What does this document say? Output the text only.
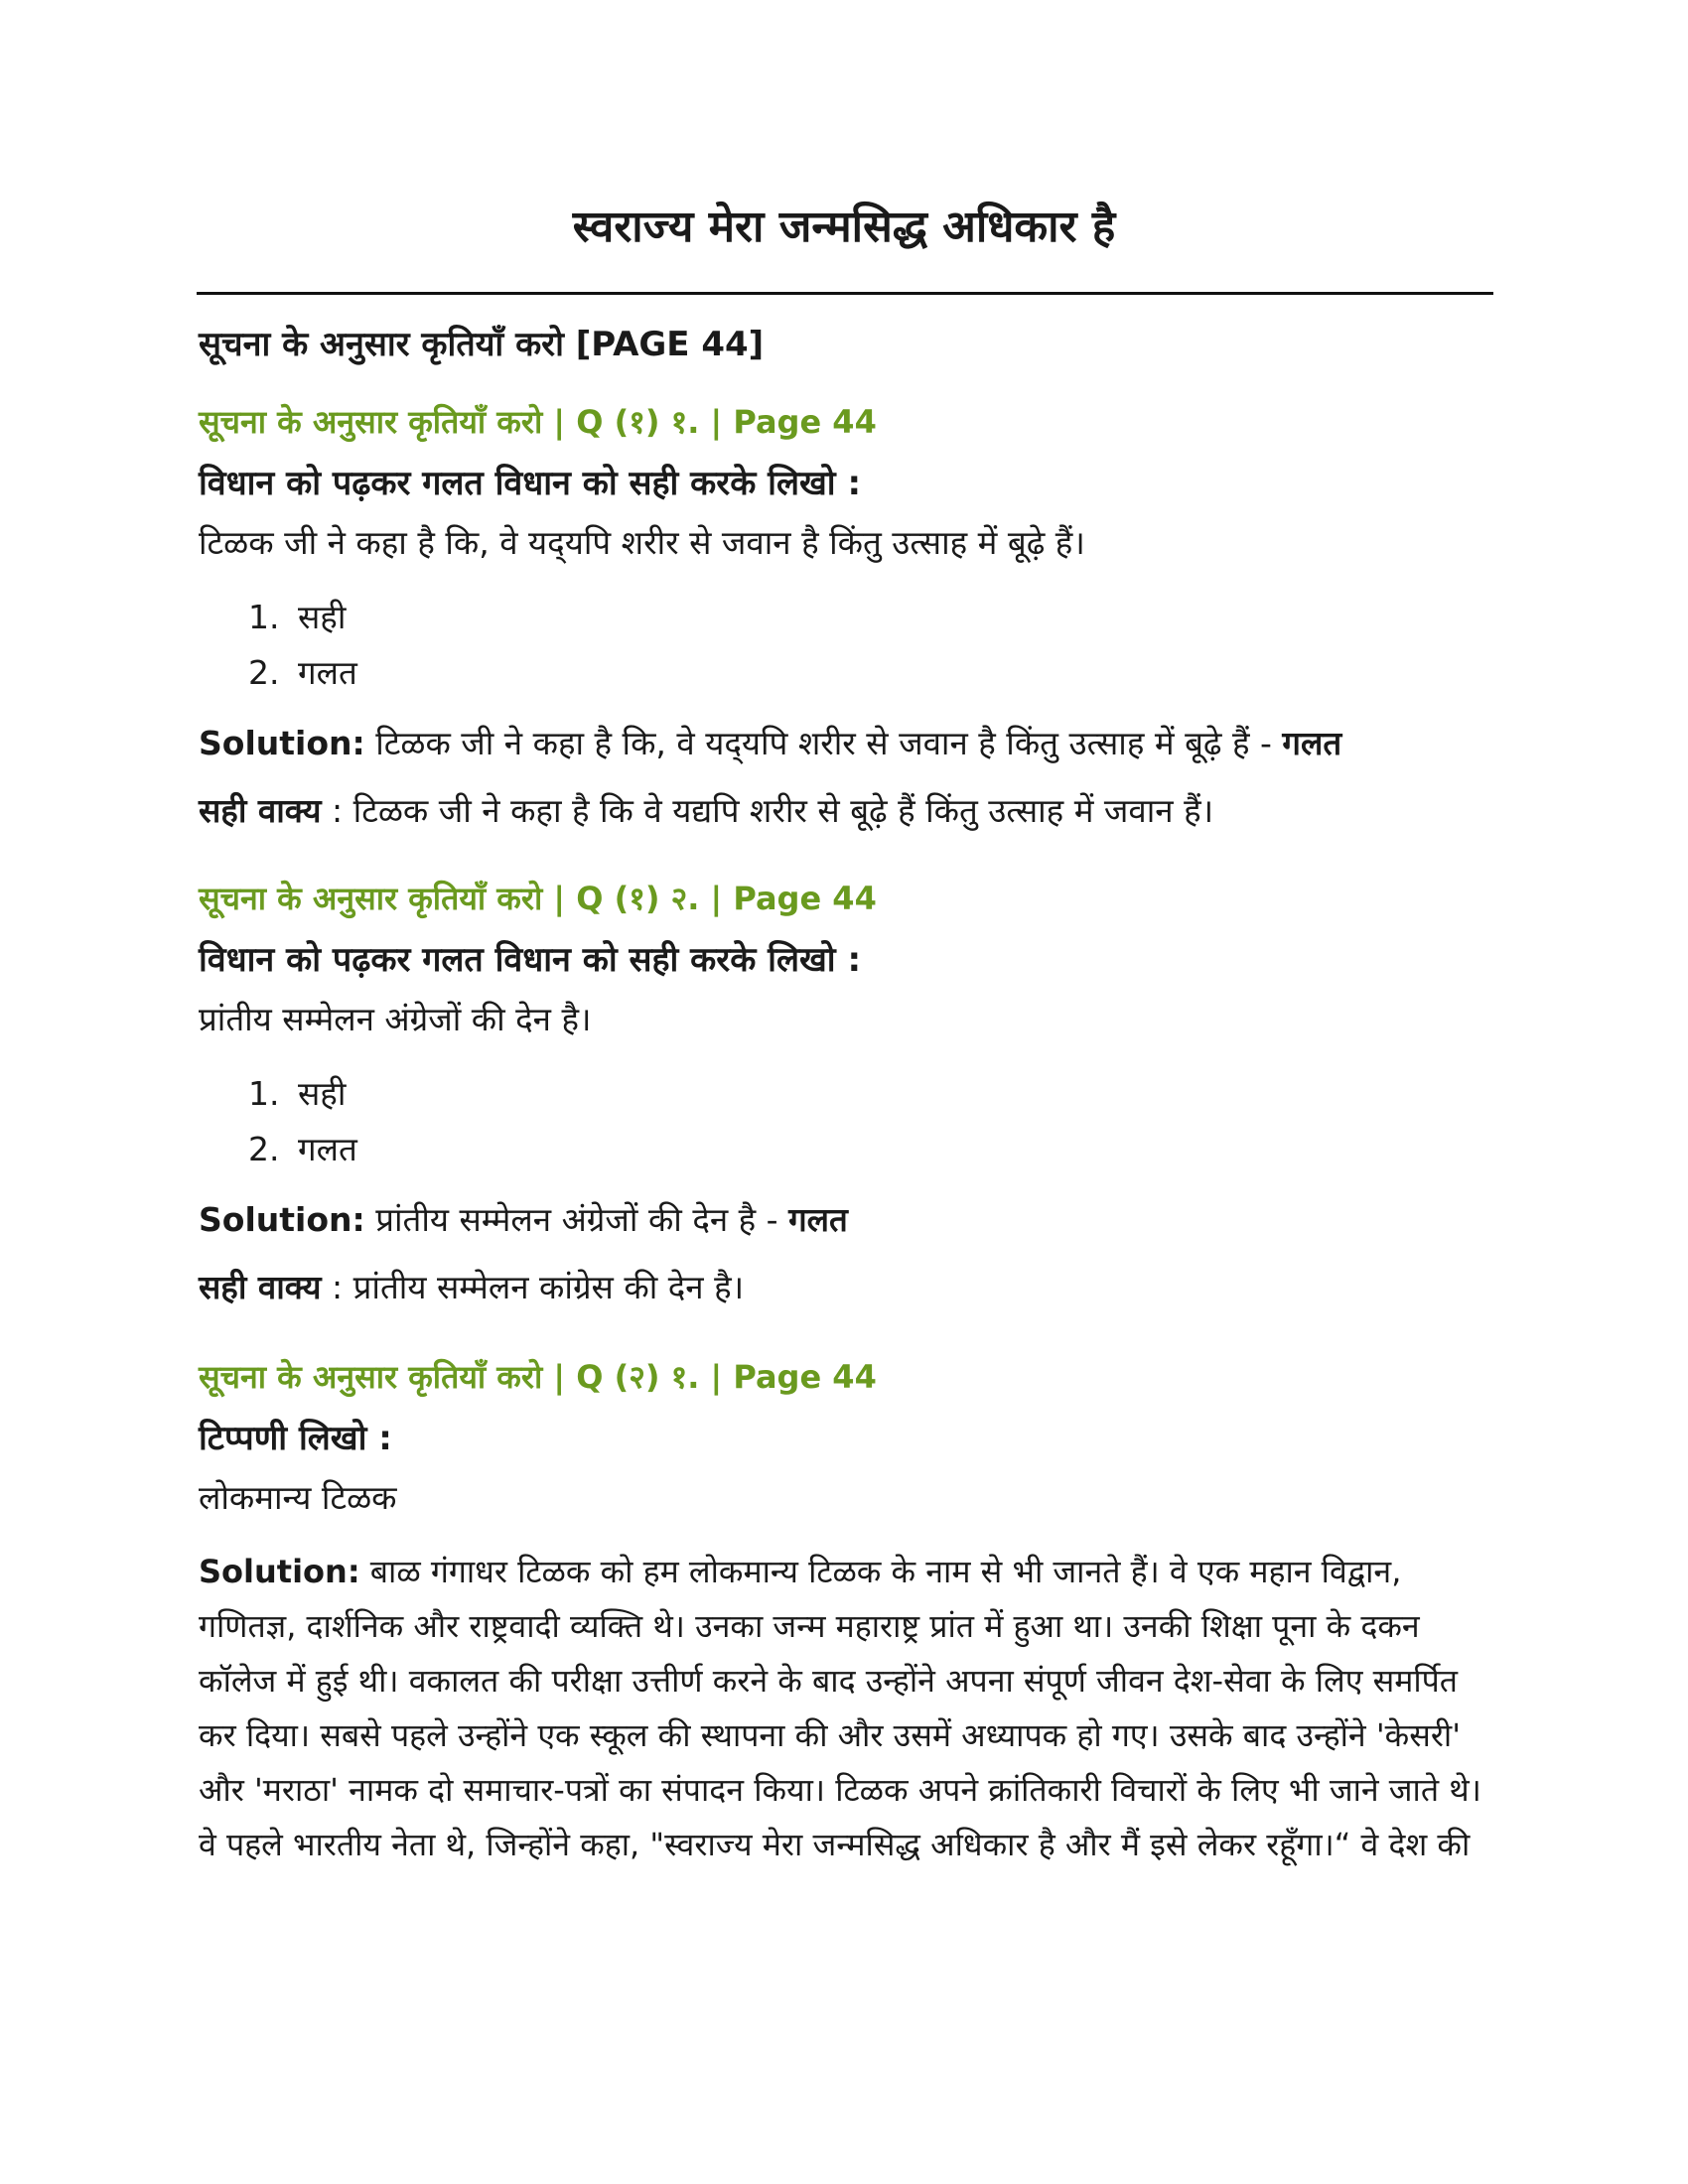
स्वराज्य मेरा जन्मसिद्ध अधिकार है
सूचना के अनुसार कृतियाँ करो [PAGE 44]
सूचना के अनुसार कृतियाँ करो | Q (१) १. | Page 44

विधान को पढ़कर गलत विधान को सही करके लिखो :

टिळक जी ने कहा है कि, वे यद्‌यपि शरीर से जवान है किंतु उत्साह में बूढ़े हैं।

1. सही
2. गलत

Solution: टिळक जी ने कहा है कि, वे यद्‌यपि शरीर से जवान है किंतु उत्साह में बूढ़े हैं - गलत

सही वाक्य : टिळक जी ने कहा है कि वे यद्यपि शरीर से बूढ़े हैं किंतु उत्साह में जवान हैं।

सूचना के अनुसार कृतियाँ करो | Q (१) २. | Page 44

विधान को पढ़कर गलत विधान को सही करके लिखो :

प्रांतीय सम्मेलन अंग्रेजों की देन है।

1. सही
2. गलत

Solution: प्रांतीय सम्मेलन अंग्रेजों की देन है - गलत

सही वाक्य : प्रांतीय सम्मेलन कांग्रेस की देन है।

सूचना के अनुसार कृतियाँ करो | Q (२) १. | Page 44

टिप्पणी लिखो :

लोकमान्य टिळक

Solution: बाळ गंगाधर टिळक को हम लोकमान्य टिळक के नाम से भी जानते हैं। वे एक महान विद्वान, गणितज्ञ, दार्शनिक और राष्ट्रवादी व्यक्ति थे। उनका जन्म महाराष्ट्र प्रांत में हुआ था। उनकी शिक्षा पूना के दकन कॉलेज में हुई थी। वकालत की परीक्षा उत्तीर्ण करने के बाद उन्होंने अपना संपूर्ण जीवन देश-सेवा के लिए समर्पित कर दिया। सबसे पहले उन्होंने एक स्कूल की स्थापना की और उसमें अध्यापक हो गए। उसके बाद उन्होंने 'केसरी' और 'मराठा' नामक दो समाचार-पत्रों का संपादन किया। टिळक अपने क्रांतिकारी विचारों के लिए भी जाने जाते थे। वे पहले भारतीय नेता थे, जिन्होंने कहा, "स्वराज्य मेरा जन्मसिद्ध अधिकार है और मैं इसे लेकर रहूँगा।“ वे देश की
